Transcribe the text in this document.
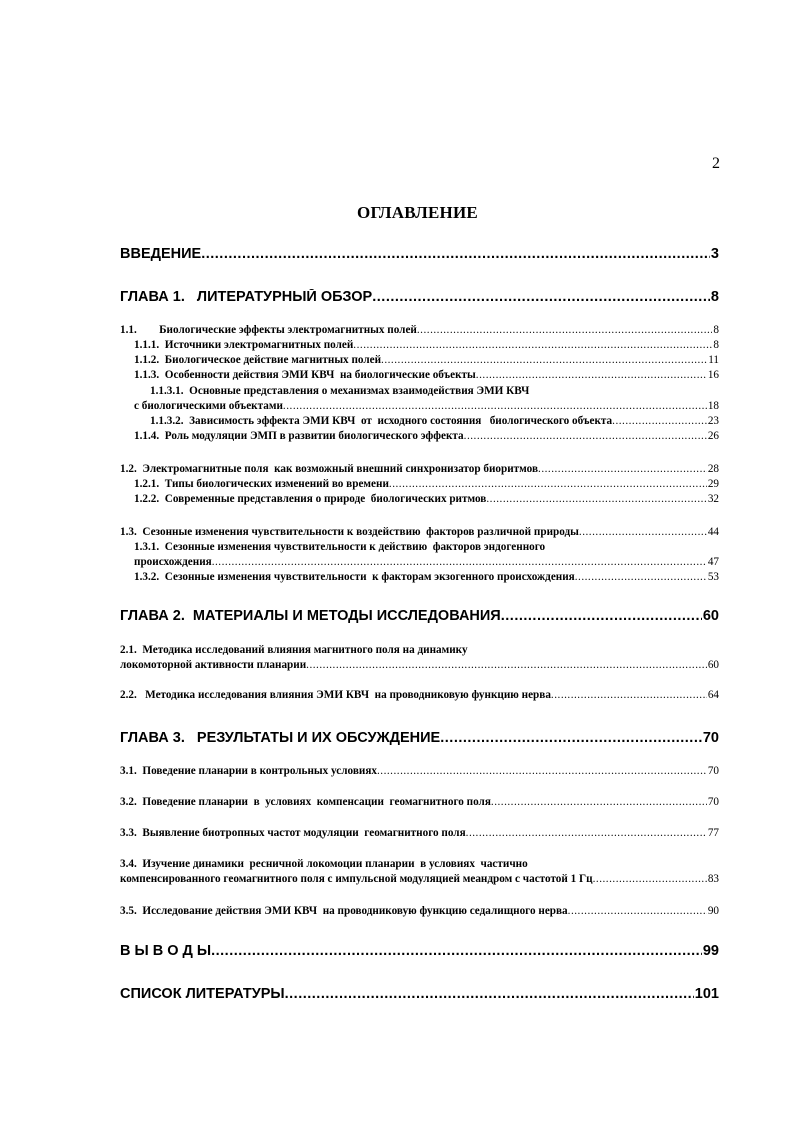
2
ОГЛАВЛЕНИЕ
ВВЕДЕНИЕ .....	3
ГЛАВА 1.   ЛИТЕРАТУРНЫЙ ОБЗОР .....	8
1.1.        Биологические эффекты электромагнитных полей .....	8
1.1.1.  Источники электромагнитных полей .....	8
1.1.2.  Биологическое действие магнитных полей .....	11
1.1.3.  Особенности действия ЭМИ КВЧ  на биологические объекты .....	16
1.1.3.1.  Основные представления о механизмах взаимодействия ЭМИ КВЧ
с биологическими объектами .....	18
1.1.3.2.  Зависимость эффекта ЭМИ КВЧ  от  исходного состояния   биологического объекта .....	23
1.1.4.  Роль модуляции ЭМП в развитии биологического эффекта .....	26
1.2.  Электромагнитные поля  как возможный внешний синхронизатор биоритмов .....	28
1.2.1.  Типы биологических изменений во времени .....	29
1.2.2.  Современные представления о природе  биологических ритмов .....	32
1.3.  Сезонные изменения чувствительности к воздействию  факторов различной природы .....	44
1.3.1.  Сезонные изменения чувствительности к действию  факторов эндогенного
происхождения .....	47
1.3.2.  Сезонные изменения чувствительности  к факторам экзогенного происхождения .....	53
ГЛАВА 2.  МАТЕРИАЛЫ И МЕТОДЫ ИССЛЕДОВАНИЯ .....	60
2.1.  Методика исследований влияния магнитного поля на динамику
локомоторной активности планарии .....	60
2.2.   Методика исследования влияния ЭМИ КВЧ  на проводниковую функцию нерва .....	64
ГЛАВА 3.   РЕЗУЛЬТАТЫ И ИХ ОБСУЖДЕНИЕ .....	70
3.1.  Поведение планарии в контрольных условиях .....	70
3.2.  Поведение планарии  в  условиях  компенсации  геомагнитного поля .....	70
3.3.  Выявление биотропных частот модуляции  геомагнитного поля .....	77
3.4.  Изучение динамики  ресничной локомоции планарии  в условиях  частично
компенсированного геомагнитного поля с импульсной модуляцией меандром с частотой 1 Гц .....	83
3.5.  Исследование действия ЭМИ КВЧ  на проводниковую функцию седалищного нерва .....	90
В Ы В О Д Ы .....	99
СПИСОК ЛИТЕРАТУРЫ .....	101
